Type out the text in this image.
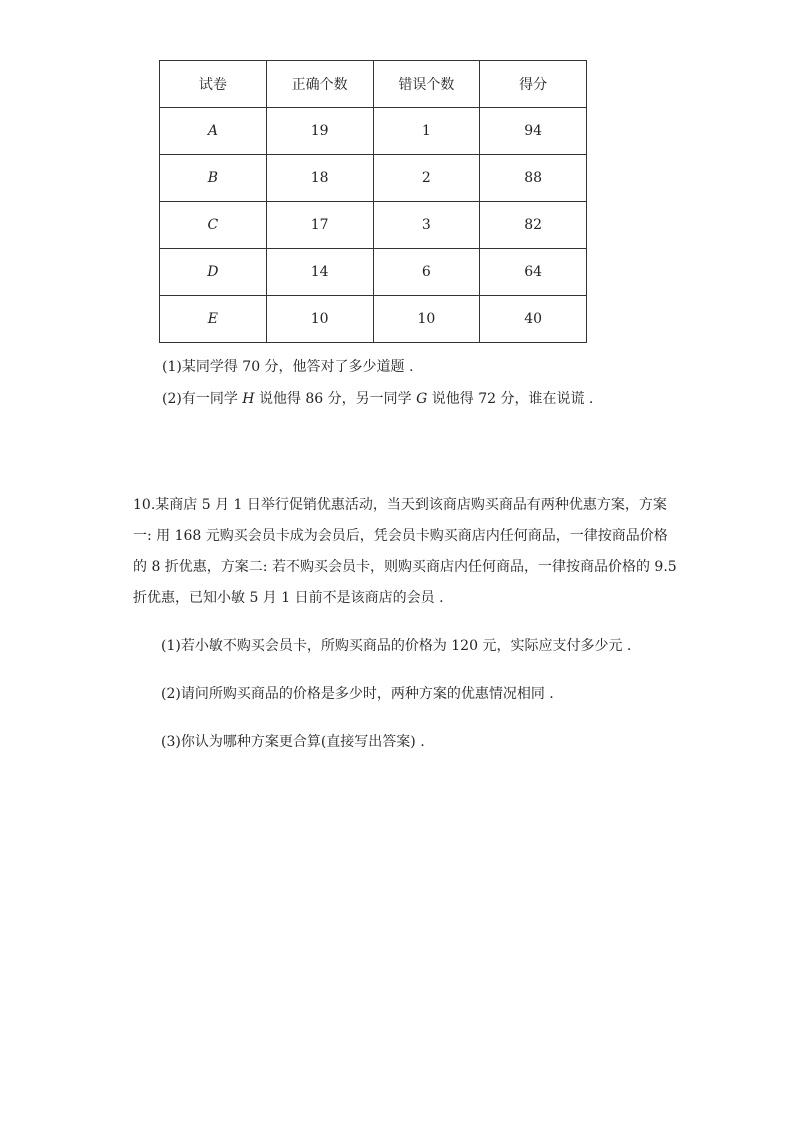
试卷	正确个数	错误个数	得分
A	19	1	94
B	18	2	88
C	17	3	82
D	14	6	64
E	10	10	40
(1)某同学得 70 分，他答对了多少道题 .
(2)有一同学 H 说他得 86 分，另一同学 G 说他得 72 分，谁在说谎 .
10.某商店 5 月 1 日举行促销优惠活动，当天到该商店购买商品有两种优惠方案，方案
一: 用 168 元购买会员卡成为会员后，凭会员卡购买商店内任何商品，一律按商品价格
的 8 折优惠，方案二: 若不购买会员卡，则购买商店内任何商品，一律按商品价格的 9.5
折优惠，已知小敏 5 月 1 日前不是该商店的会员 .
(1)若小敏不购买会员卡，所购买商品的价格为 120 元，实际应支付多少元 .
(2)请问所购买商品的价格是多少时，两种方案的优惠情况相同 .
(3)你认为哪种方案更合算(直接写出答案) .
